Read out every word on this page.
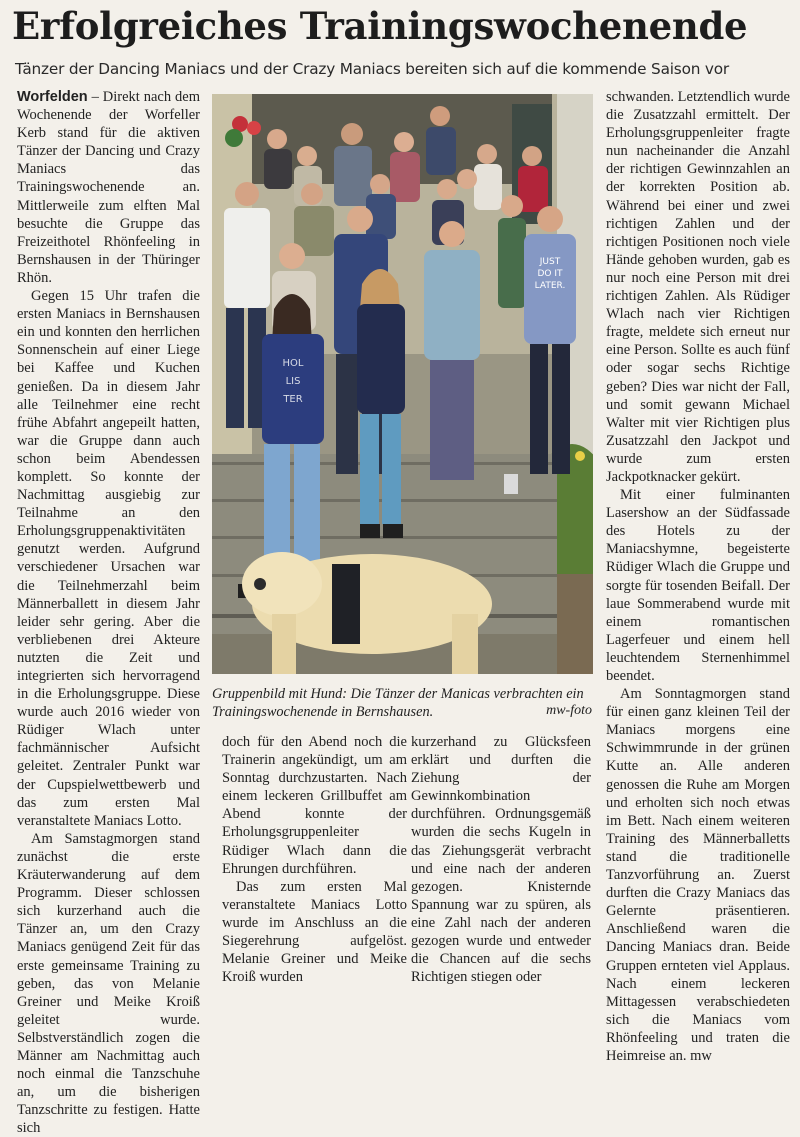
Erfolgreiches Trainingswochenende
Tänzer der Dancing Maniacs und der Crazy Maniacs bereiten sich auf die kommende Saison vor

Worfelden – Direkt nach dem Wochenende der Worfeller Kerb stand für die aktiven Tänzer der Dancing und Crazy Maniacs das Trainingswochenende an. Mittlerweile zum elften Mal besuchte die Gruppe das Freizeithotel Rhönfeeling in Bernshausen in der Thüringer Rhön.

Gegen 15 Uhr trafen die ersten Maniacs in Bernshausen ein und konnten den herrlichen Sonnenschein auf einer Liege bei Kaffee und Kuchen genießen. Da in diesem Jahr alle Teilnehmer eine recht frühe Abfahrt angepeilt hatten, war die Gruppe dann auch schon beim Abendessen komplett. So konnte der Nachmittag ausgiebig zur Teilnahme an den Erholungsgruppenaktivitäten genutzt werden. Aufgrund verschiedener Ursachen war die Teilnehmerzahl beim Männerballett in diesem Jahr leider sehr gering. Aber die verbliebenen drei Akteure nutzten die Zeit und integrierten sich hervorragend in die Erholungsgruppe. Diese wurde auch 2016 wieder von Rüdiger Wlach unter fachmännischer Aufsicht geleitet. Zentraler Punkt war der Cupspielwettbewerb und das zum ersten Mal veranstaltete Maniacs Lotto.

Am Samstagmorgen stand zunächst die erste Kräuterwanderung auf dem Programm. Dieser schlossen sich kurzerhand auch die Tänzer an, um den Crazy Maniacs genügend Zeit für das erste gemeinsame Training zu geben, das von Melanie Greiner und Meike Kroiß geleitet wurde. Selbstverständlich zogen die Männer am Nachmittag auch noch einmal die Tanzschuhe an, um die bisherigen Tanzschritte zu festigen. Hatte sich

HOL
LIS
TER
JUST
DO IT
LATER.
Gruppenbild mit Hund: Die Tänzer der Manicas verbrachten ein Trainingswochenende in Bernshausen.	mw-foto

doch für den Abend noch die Trainerin angekündigt, um am Sonntag durchzustarten. Nach einem leckeren Grillbuffet am Abend konnte der Erholungsgruppenleiter Rüdiger Wlach dann die Ehrungen durchführen.

Das zum ersten Mal veranstaltete Maniacs Lotto wurde im Anschluss an die Siegerehrung aufgelöst. Melanie Greiner und Meike Kroiß wurden

kurzerhand zu Glücksfeen erklärt und durften die Ziehung der Gewinnkombination durchführen. Ordnungsgemäß wurden die sechs Kugeln in das Ziehungsgerät verbracht und eine nach der anderen gezogen. Knisternde Spannung war zu spüren, als eine Zahl nach der anderen gezogen wurde und entweder die Chancen auf die sechs Richtigen stiegen oder

schwanden. Letztendlich wurde die Zusatzzahl ermittelt. Der Erholungsgruppenleiter fragte nun nacheinander die Anzahl der richtigen Gewinnzahlen an der korrekten Position ab. Während bei einer und zwei richtigen Zahlen und der richtigen Positionen noch viele Hände gehoben wurden, gab es nur noch eine Person mit drei richtigen Zahlen. Als Rüdiger Wlach nach vier Richtigen fragte, meldete sich erneut nur eine Person. Sollte es auch fünf oder sogar sechs Richtige geben? Dies war nicht der Fall, und somit gewann Michael Walter mit vier Richtigen plus Zusatzzahl den Jackpot und wurde zum ersten Jackpotknacker gekürt.

Mit einer fulminanten Lasershow an der Südfassade des Hotels zu der Maniacshymne, begeisterte Rüdiger Wlach die Gruppe und sorgte für tosenden Beifall. Der laue Sommerabend wurde mit einem romantischen Lagerfeuer und einem hell leuchtendem Sternenhimmel beendet.

Am Sonntagmorgen stand für einen ganz kleinen Teil der Maniacs morgens eine Schwimmrunde in der grünen Kutte an. Alle anderen genossen die Ruhe am Morgen und erholten sich noch etwas im Bett. Nach einem weiteren Training des Männerballetts stand die traditionelle Tanzvorführung an. Zuerst durften die Crazy Maniacs das Gelernte präsentieren. Anschließend waren die Dancing Maniacs dran. Beide Gruppen ernteten viel Applaus. Nach einem leckeren Mittagessen verabschiedeten sich die Maniacs vom Rhönfeeling und traten die Heimreise an. mw
